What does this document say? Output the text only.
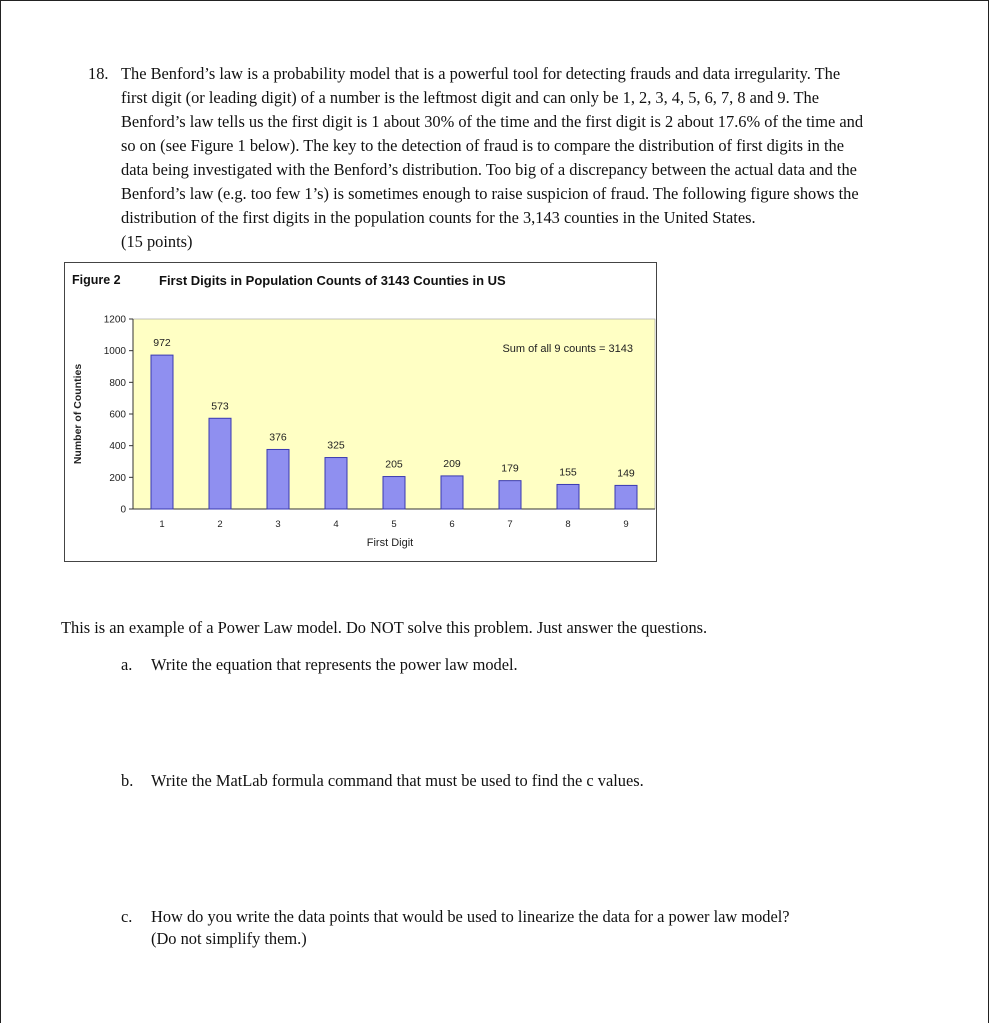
18. The Benford’s law is a probability model that is a powerful tool for detecting frauds and data irregularity. The
first digit (or leading digit) of a number is the leftmost digit and can only be 1, 2, 3, 4, 5, 6, 7, 8 and 9. The
Benford’s law tells us the first digit is 1 about 30% of the time and the first digit is 2 about 17.6% of the time and
so on (see Figure 1 below). The key to the detection of fraud is to compare the distribution of first digits in the
data being investigated with the Benford’s distribution. Too big of a discrepancy between the actual data and the
Benford’s law (e.g. too few 1’s) is sometimes enough to raise suspicion of fraud. The following figure shows the
distribution of the first digits in the population counts for the 3,143 counties in the United States.
(15 points)
Figure 2	First Digits in Population Counts of 3143 Counties in US
0
200
400
600
800
1000
1200
972
1
573
2
376
3
325
4
205
5
209
6
179
7
155
8
149
9
First Digit
Number of Counties
Sum of all 9 counts = 3143
This is an example of a Power Law model. Do NOT solve this problem. Just answer the questions.
a. Write the equation that represents the power law model.
b. Write the MatLab formula command that must be used to find the c values.
c. How do you write the data points that would be used to linearize the data for a power law model?
(Do not simplify them.)
